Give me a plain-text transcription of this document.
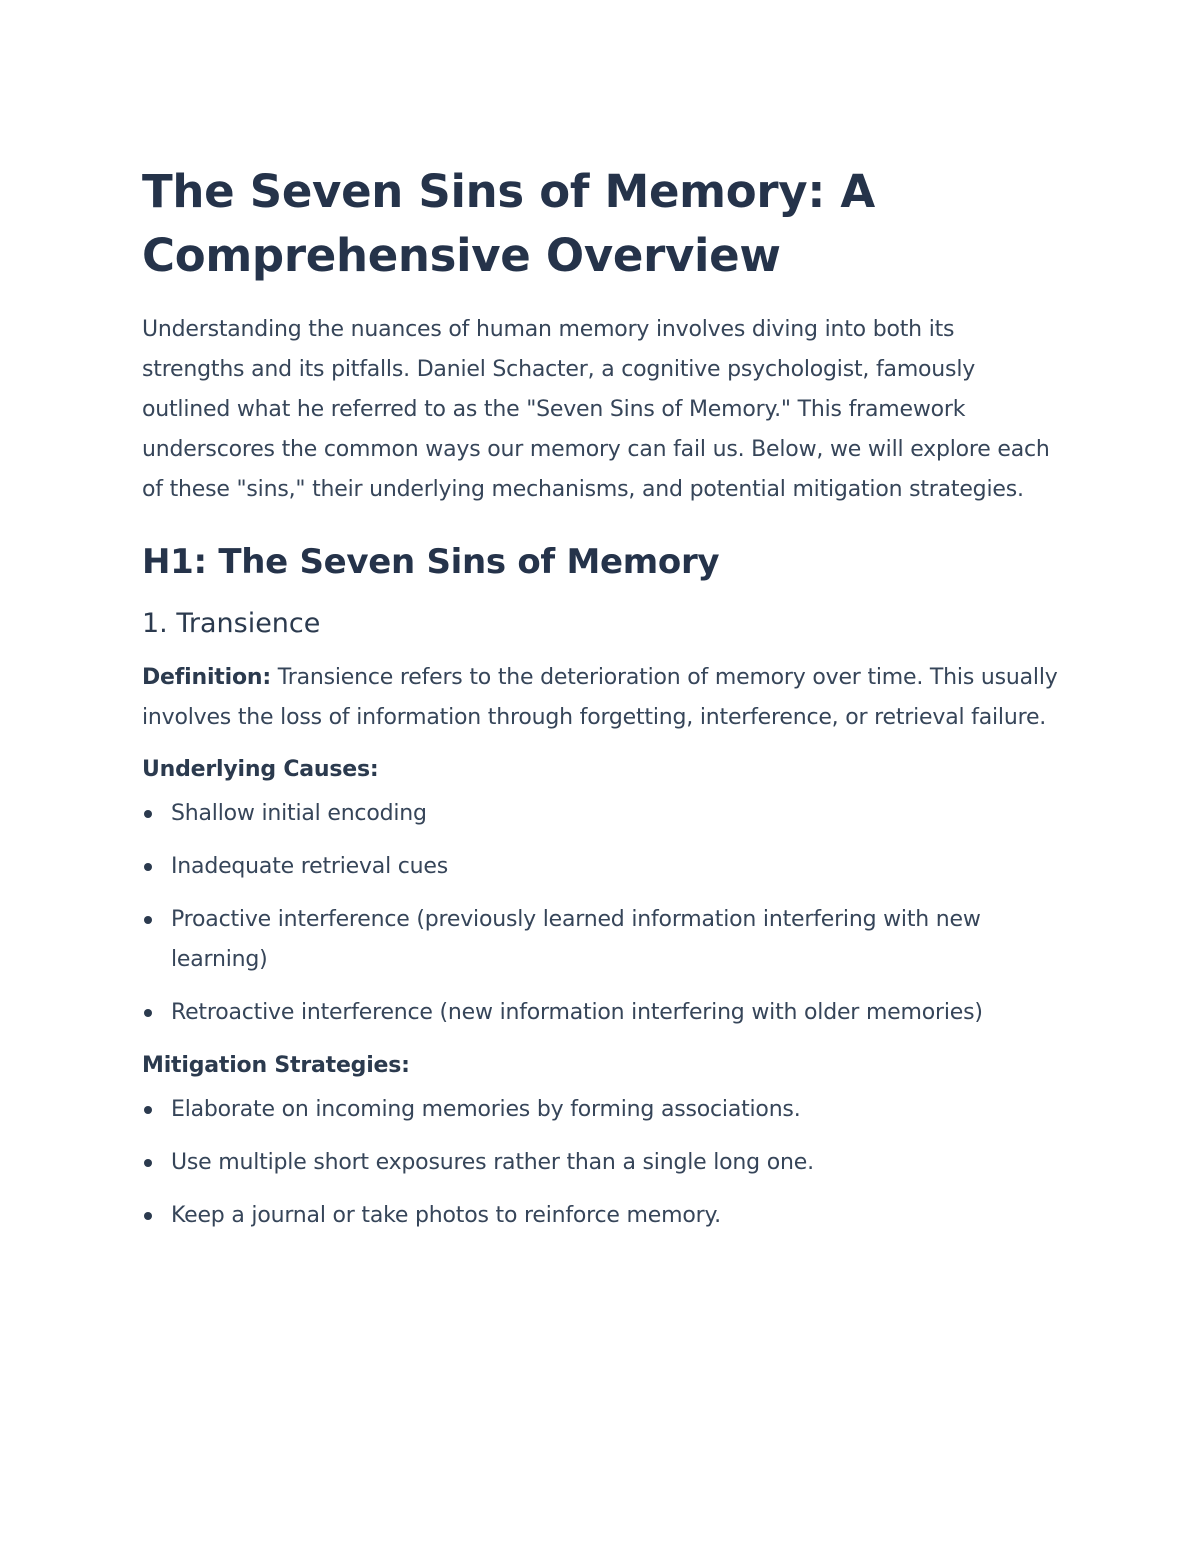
The Seven Sins of Memory: A Comprehensive Overview

Understanding the nuances of human memory involves diving into both its strengths and its pitfalls. Daniel Schacter, a cognitive psychologist, famously outlined what he referred to as the "Seven Sins of Memory." This framework underscores the common ways our memory can fail us. Below, we will explore each of these "sins," their underlying mechanisms, and potential mitigation strategies.

H1: The Seven Sins of Memory
1. Transience

Definition: Transience refers to the deterioration of memory over time. This usually involves the loss of information through forgetting, interference, or retrieval failure.

Underlying Causes:

Shallow initial encoding
Inadequate retrieval cues
Proactive interference (previously learned information interfering with new learning)
Retroactive interference (new information interfering with older memories)

Mitigation Strategies:

Elaborate on incoming memories by forming associations.
Use multiple short exposures rather than a single long one.
Keep a journal or take photos to reinforce memory.
